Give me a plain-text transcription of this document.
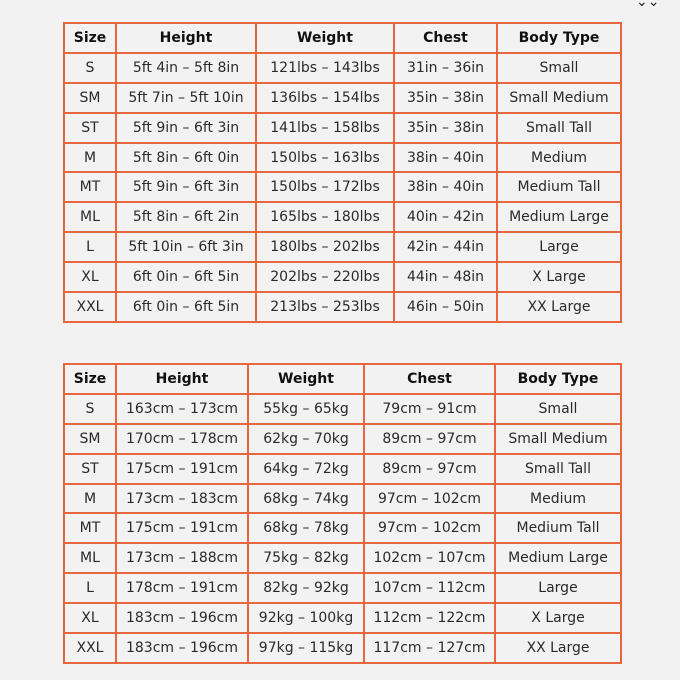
⌄⌄
Size	Height	Weight	Chest	Body Type
S	5ft 4in – 5ft 8in	121lbs – 143lbs	31in – 36in	Small
SM	5ft 7in – 5ft 10in	136lbs – 154lbs	35in – 38in	Small Medium
ST	5ft 9in – 6ft 3in	141lbs – 158lbs	35in – 38in	Small Tall
M	5ft 8in – 6ft 0in	150lbs – 163lbs	38in – 40in	Medium
MT	5ft 9in – 6ft 3in	150lbs – 172lbs	38in – 40in	Medium Tall
ML	5ft 8in – 6ft 2in	165lbs – 180lbs	40in – 42in	Medium Large
L	5ft 10in – 6ft 3in	180lbs – 202lbs	42in – 44in	Large
XL	6ft 0in – 6ft 5in	202lbs – 220lbs	44in – 48in	X Large
XXL	6ft 0in – 6ft 5in	213lbs – 253lbs	46in – 50in	XX Large
Size	Height	Weight	Chest	Body Type
S	163cm – 173cm	55kg – 65kg	79cm – 91cm	Small
SM	170cm – 178cm	62kg – 70kg	89cm – 97cm	Small Medium
ST	175cm – 191cm	64kg – 72kg	89cm – 97cm	Small Tall
M	173cm – 183cm	68kg – 74kg	97cm – 102cm	Medium
MT	175cm – 191cm	68kg – 78kg	97cm – 102cm	Medium Tall
ML	173cm – 188cm	75kg – 82kg	102cm – 107cm	Medium Large
L	178cm – 191cm	82kg – 92kg	107cm – 112cm	Large
XL	183cm – 196cm	92kg – 100kg	112cm – 122cm	X Large
XXL	183cm – 196cm	97kg – 115kg	117cm – 127cm	XX Large
